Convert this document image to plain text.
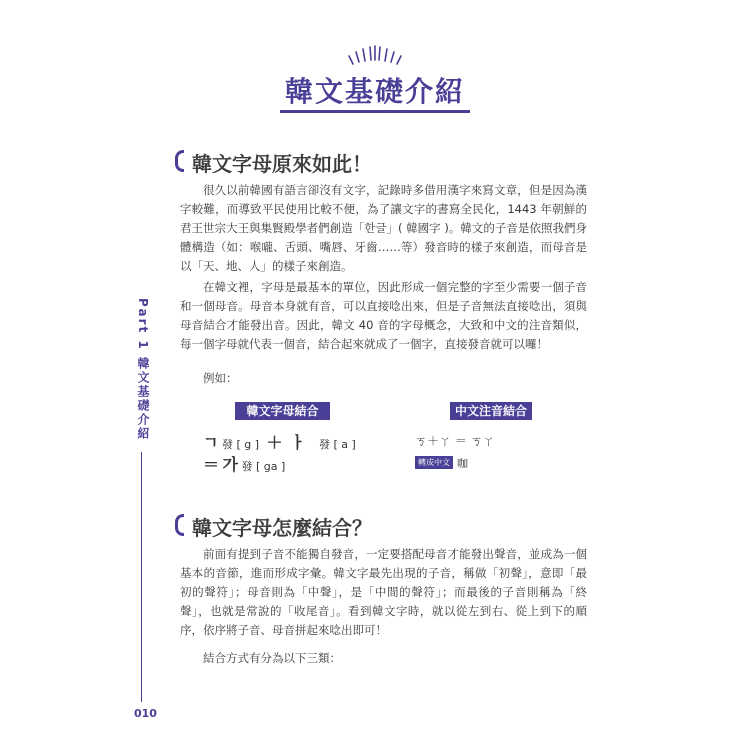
韓文基礎介紹
Part 1 韓文基礎介紹
010
韓文字母原來如此！
很久以前韓國有語言卻沒有文字，記錄時多借用漢字來寫文章，但是因為漢字較難，而導致平民使用比較不便，為了讓文字的書寫全民化，1443 年朝鮮的君王世宗大王與集賢殿學者們創造「한글」( 韓國字 )。韓文的子音是依照我們身體構造（如：喉嚨、舌頭、嘴唇、牙齒……等）發音時的樣子來創造，而母音是以「天、地、人」的樣子來創造。
在韓文裡，字母是最基本的單位，因此形成一個完整的字至少需要一個子音和一個母音。母音本身就有音，可以直接唸出來，但是子音無法直接唸出，須與母音結合才能發出音。因此，韓文 40 音的字母概念，大致和中文的注音類似，每一個字母就代表一個音，結合起來就成了一個字，直接發音就可以囉！
例如：
韓文字母結合	中文注音結合
ㄱ 發 [ g ] ＋ ㅏ 發 [ a ]
＝ 가 發 [ ga ]
ㄎ＋ㄚ ＝ ㄎㄚ
轉成中文 咖
韓文字母怎麼結合？
前面有提到子音不能獨自發音，一定要搭配母音才能發出聲音，並成為一個基本的音節，進而形成字彙。韓文字最先出現的子音，稱做「初聲」，意即「最初的聲符」；母音則為「中聲」，是「中間的聲符」；而最後的子音則稱為「終聲」，也就是常說的「收尾音」。看到韓文字時，就以從左到右、從上到下的順序，依序將子音、母音拼起來唸出即可！
結合方式有分為以下三類：
